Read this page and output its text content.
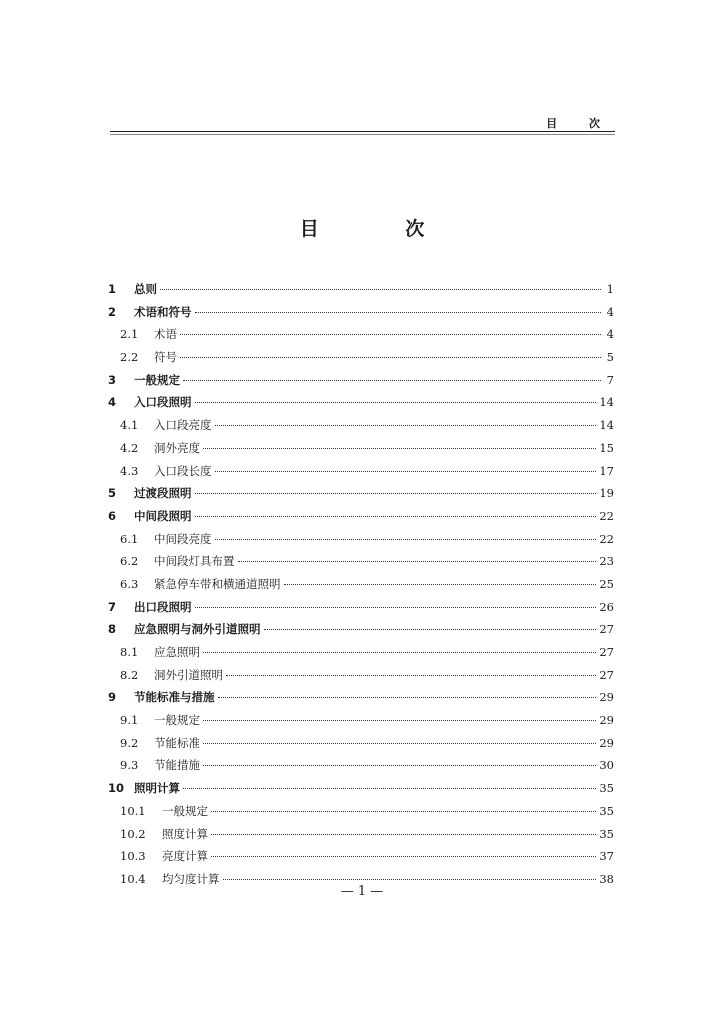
目 次
目 次
1	总则	1
2	术语和符号	4
2.1	术语	4
2.2	符号	5
3	一般规定	7
4	入口段照明	14
4.1	入口段亮度	14
4.2	洞外亮度	15
4.3	入口段长度	17
5	过渡段照明	19
6	中间段照明	22
6.1	中间段亮度	22
6.2	中间段灯具布置	23
6.3	紧急停车带和横通道照明	25
7	出口段照明	26
8	应急照明与洞外引道照明	27
8.1	应急照明	27
8.2	洞外引道照明	27
9	节能标准与措施	29
9.1	一般规定	29
9.2	节能标准	29
9.3	节能措施	30
10 照明计算	35
10.1	一般规定	35
10.2	照度计算	35
10.3	亮度计算	37
10.4	均匀度计算	38
— 1 —
